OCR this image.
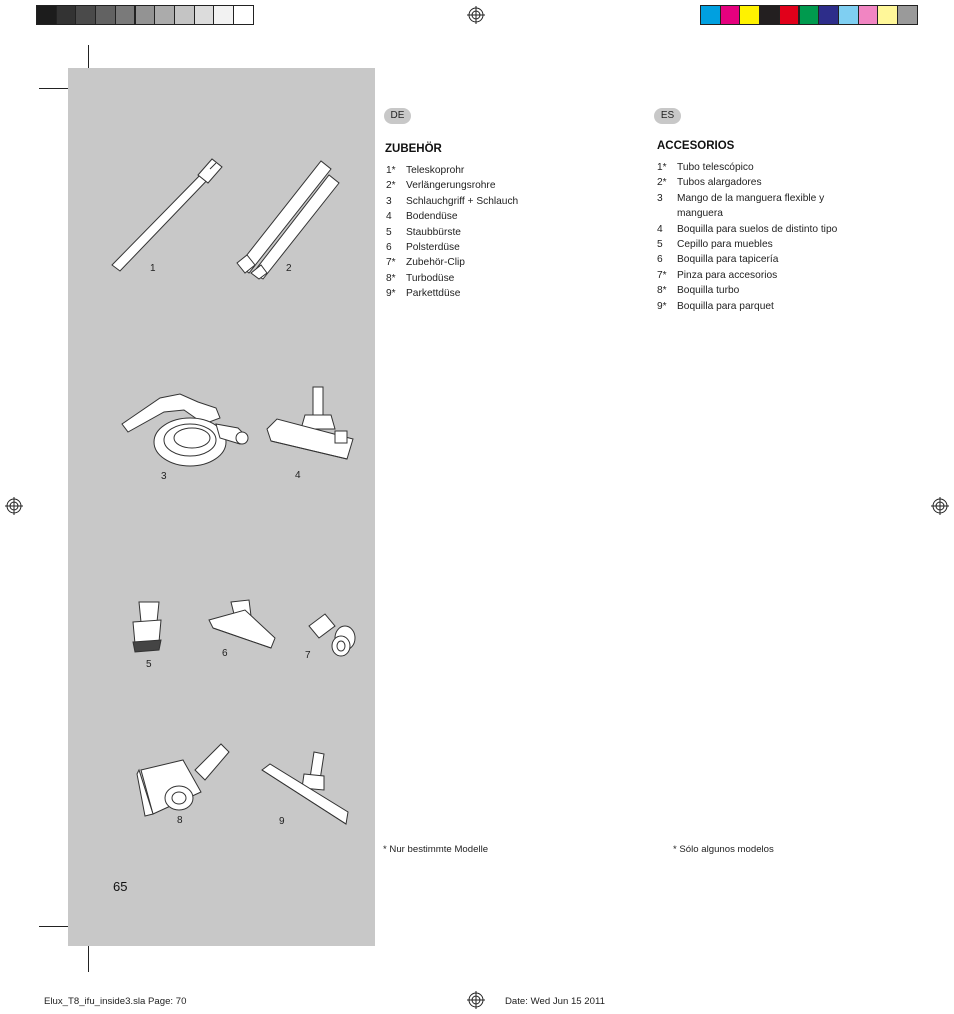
1	2
3	4
5
6	7
8	9
65
DE
ZUBEHÖR
1*	Teleskoprohr
2*	Verlängerungsrohre
3	Schlauchgriff + Schlauch
4	Bodendüse
5	Staubbürste
6	Polsterdüse
7*	Zubehör-Clip
8*	Turbodüse
9*	Parkettdüse
* Nur bestimmte Modelle
ES
ACCESORIOS
1*	Tubo telescópico
2*	Tubos alargadores
3	Mango de la manguera flexible y manguera
4	Boquilla para suelos de distinto tipo
5	Cepillo para muebles
6	Boquilla para tapicería
7*	Pinza para accesorios
8*	Boquilla turbo
9*	Boquilla para parquet
* Sólo algunos modelos
Elux_T8_ifu_inside3.sla Page: 70	Date: Wed Jun 15 2011
